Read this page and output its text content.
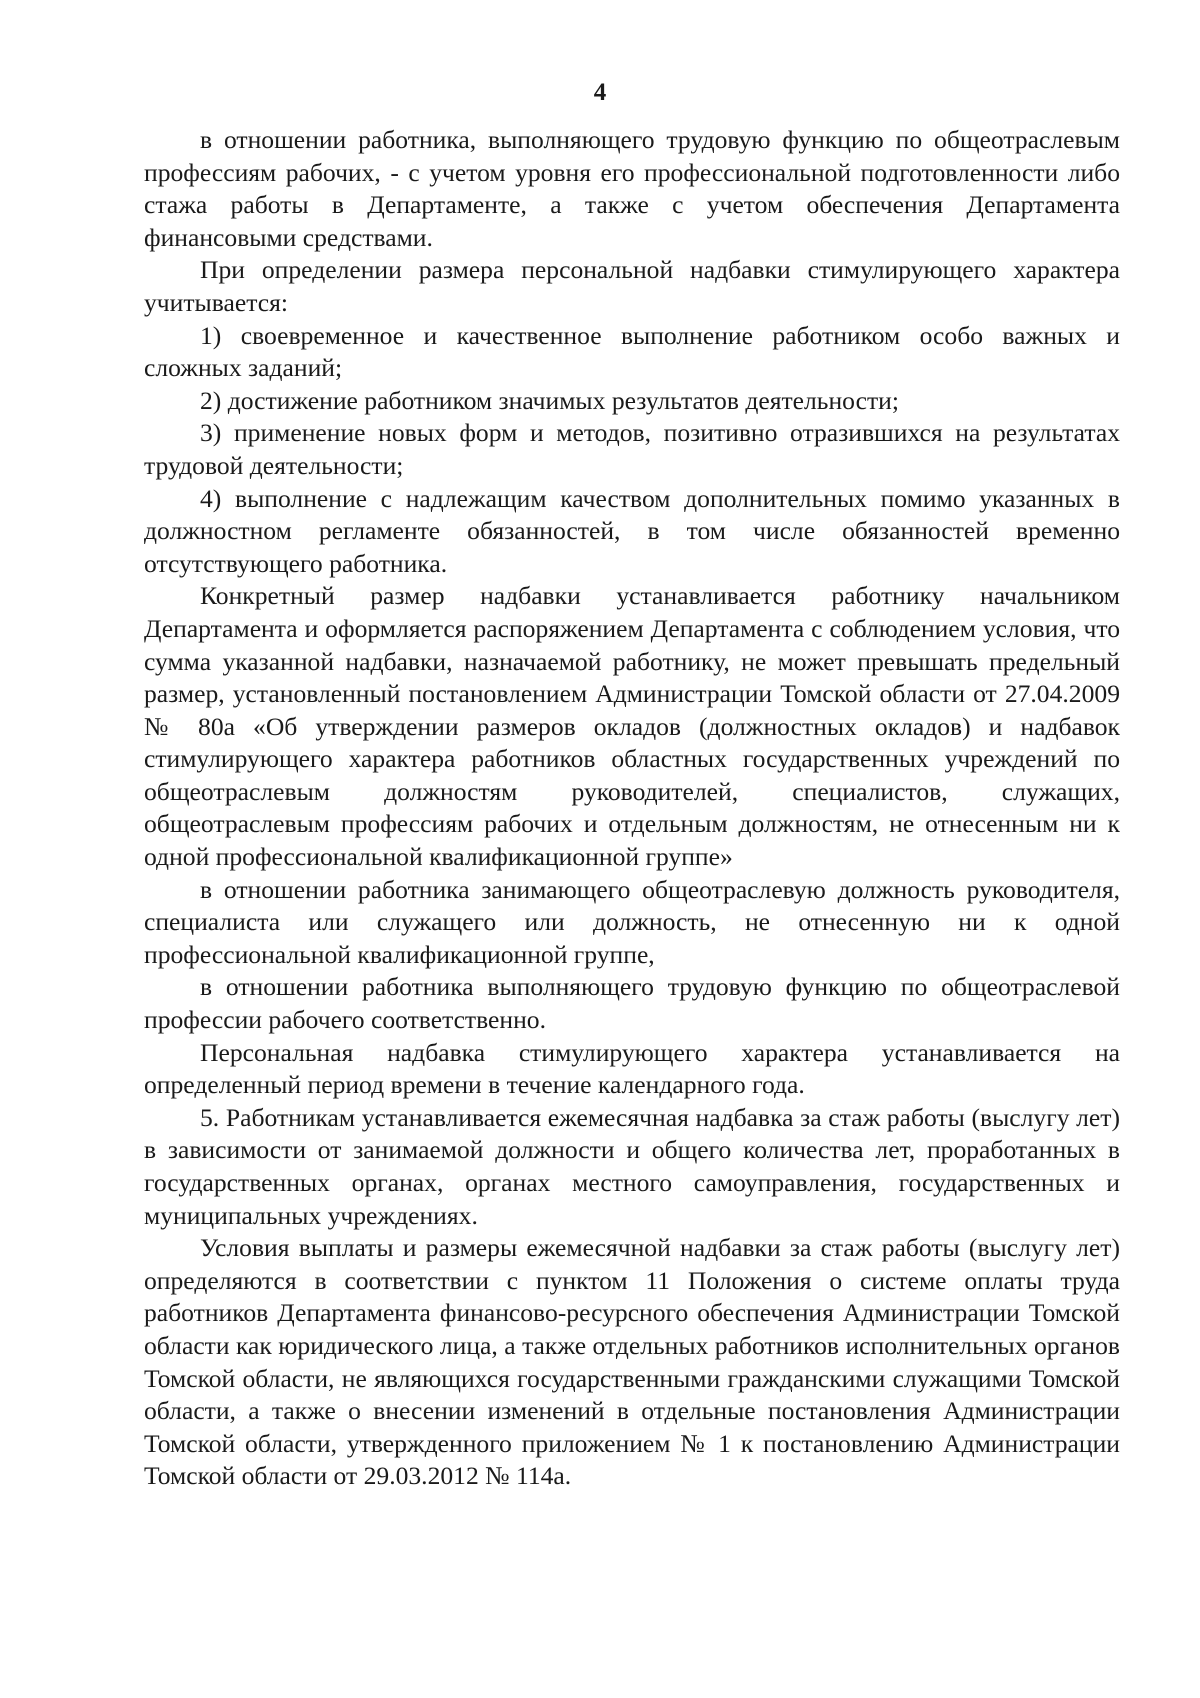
4

в отношении работника, выполняющего трудовую функцию по общеотраслевым профессиям рабочих, - с учетом уровня его профессиональной подготовленности либо стажа работы в Департаменте, а также с учетом обеспечения Департамента финансовыми средствами.

При определении размера персональной надбавки стимулирующего характера учитывается:

1) своевременное и качественное выполнение работником особо важных и сложных заданий;

2) достижение работником значимых результатов деятельности;

3) применение новых форм и методов, позитивно отразившихся на результатах трудовой деятельности;

4) выполнение с надлежащим качеством дополнительных помимо указанных в должностном регламенте обязанностей, в том числе обязанностей временно отсутствующего работника.

Конкретный размер надбавки устанавливается работнику начальником Департамента и оформляется распоряжением Департамента с соблюдением условия, что сумма указанной надбавки, назначаемой работнику, не может превышать предельный размер, установленный постановлением Администрации Томской области от 27.04.2009 № 80а «Об утверждении размеров окладов (должностных окладов) и надбавок стимулирующего характера работников областных государственных учреждений по общеотраслевым должностям руководителей, специалистов, служащих, общеотраслевым профессиям рабочих и отдельным должностям, не отнесенным ни к одной профессиональной квалификационной группе»

в отношении работника занимающего общеотраслевую должность руководителя, специалиста или служащего или должность, не отнесенную ни к одной профессиональной квалификационной группе,

в отношении работника выполняющего трудовую функцию по общеотраслевой профессии рабочего соответственно.

Персональная надбавка стимулирующего характера устанавливается на определенный период времени в течение календарного года.

5. Работникам устанавливается ежемесячная надбавка за стаж работы (выслугу лет) в зависимости от занимаемой должности и общего количества лет, проработанных в государственных органах, органах местного самоуправления, государственных и муниципальных учреждениях.

Условия выплаты и размеры ежемесячной надбавки за стаж работы (выслугу лет) определяются в соответствии с пунктом 11 Положения о системе оплаты труда работников Департамента финансово-ресурсного обеспечения Администрации Томской области как юридического лица, а также отдельных работников исполнительных органов Томской области, не являющихся государственными гражданскими служащими Томской области, а также о внесении изменений в отдельные постановления Администрации Томской области, утвержденного приложением № 1 к постановлению Администрации Томской области от 29.03.2012 № 114а.
